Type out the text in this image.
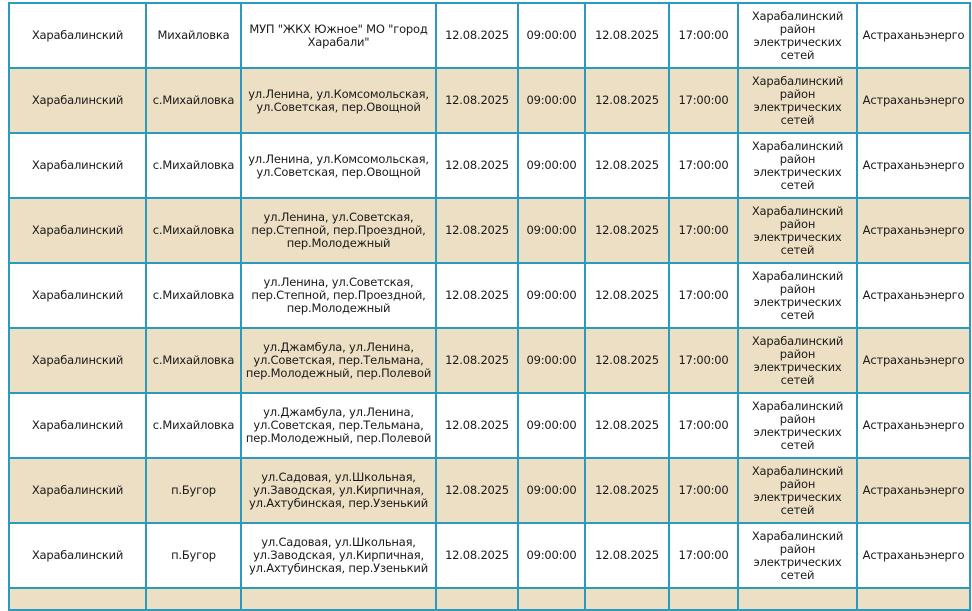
Харабалинский	Михайловка	МУП "ЖКХ Южное" МО "город Харабали"	12.08.2025	09:00:00	12.08.2025	17:00:00	Харабалинский район электрических сетей	Астраханьэнерго
Харабалинский	с.Михайловка	ул.Ленина, ул.Комсомольская, ул.Советская, пер.Овощной	12.08.2025	09:00:00	12.08.2025	17:00:00	Харабалинский район электрических сетей	Астраханьэнерго
Харабалинский	с.Михайловка	ул.Ленина, ул.Комсомольская, ул.Советская, пер.Овощной	12.08.2025	09:00:00	12.08.2025	17:00:00	Харабалинский район электрических сетей	Астраханьэнерго
Харабалинский	с.Михайловка	ул.Ленина, ул.Советская, пер.Степной, пер.Проездной, пер.Молодежный	12.08.2025	09:00:00	12.08.2025	17:00:00	Харабалинский район электрических сетей	Астраханьэнерго
Харабалинский	с.Михайловка	ул.Ленина, ул.Советская, пер.Степной, пер.Проездной, пер.Молодежный	12.08.2025	09:00:00	12.08.2025	17:00:00	Харабалинский район электрических сетей	Астраханьэнерго
Харабалинский	с.Михайловка	ул.Джамбула, ул.Ленина, ул.Советская, пер.Тельмана, пер.Молодежный, пер.Полевой	12.08.2025	09:00:00	12.08.2025	17:00:00	Харабалинский район электрических сетей	Астраханьэнерго
Харабалинский	с.Михайловка	ул.Джамбула, ул.Ленина, ул.Советская, пер.Тельмана, пер.Молодежный, пер.Полевой	12.08.2025	09:00:00	12.08.2025	17:00:00	Харабалинский район электрических сетей	Астраханьэнерго
Харабалинский	п.Бугор	ул.Садовая, ул.Школьная, ул.Заводская, ул.Кирпичная, ул.Ахтубинская, пер.Узенький	12.08.2025	09:00:00	12.08.2025	17:00:00	Харабалинский район электрических сетей	Астраханьэнерго
Харабалинский	п.Бугор	ул.Садовая, ул.Школьная, ул.Заводская, ул.Кирпичная, ул.Ахтубинская, пер.Узенький	12.08.2025	09:00:00	12.08.2025	17:00:00	Харабалинский район электрических сетей	Астраханьэнерго
